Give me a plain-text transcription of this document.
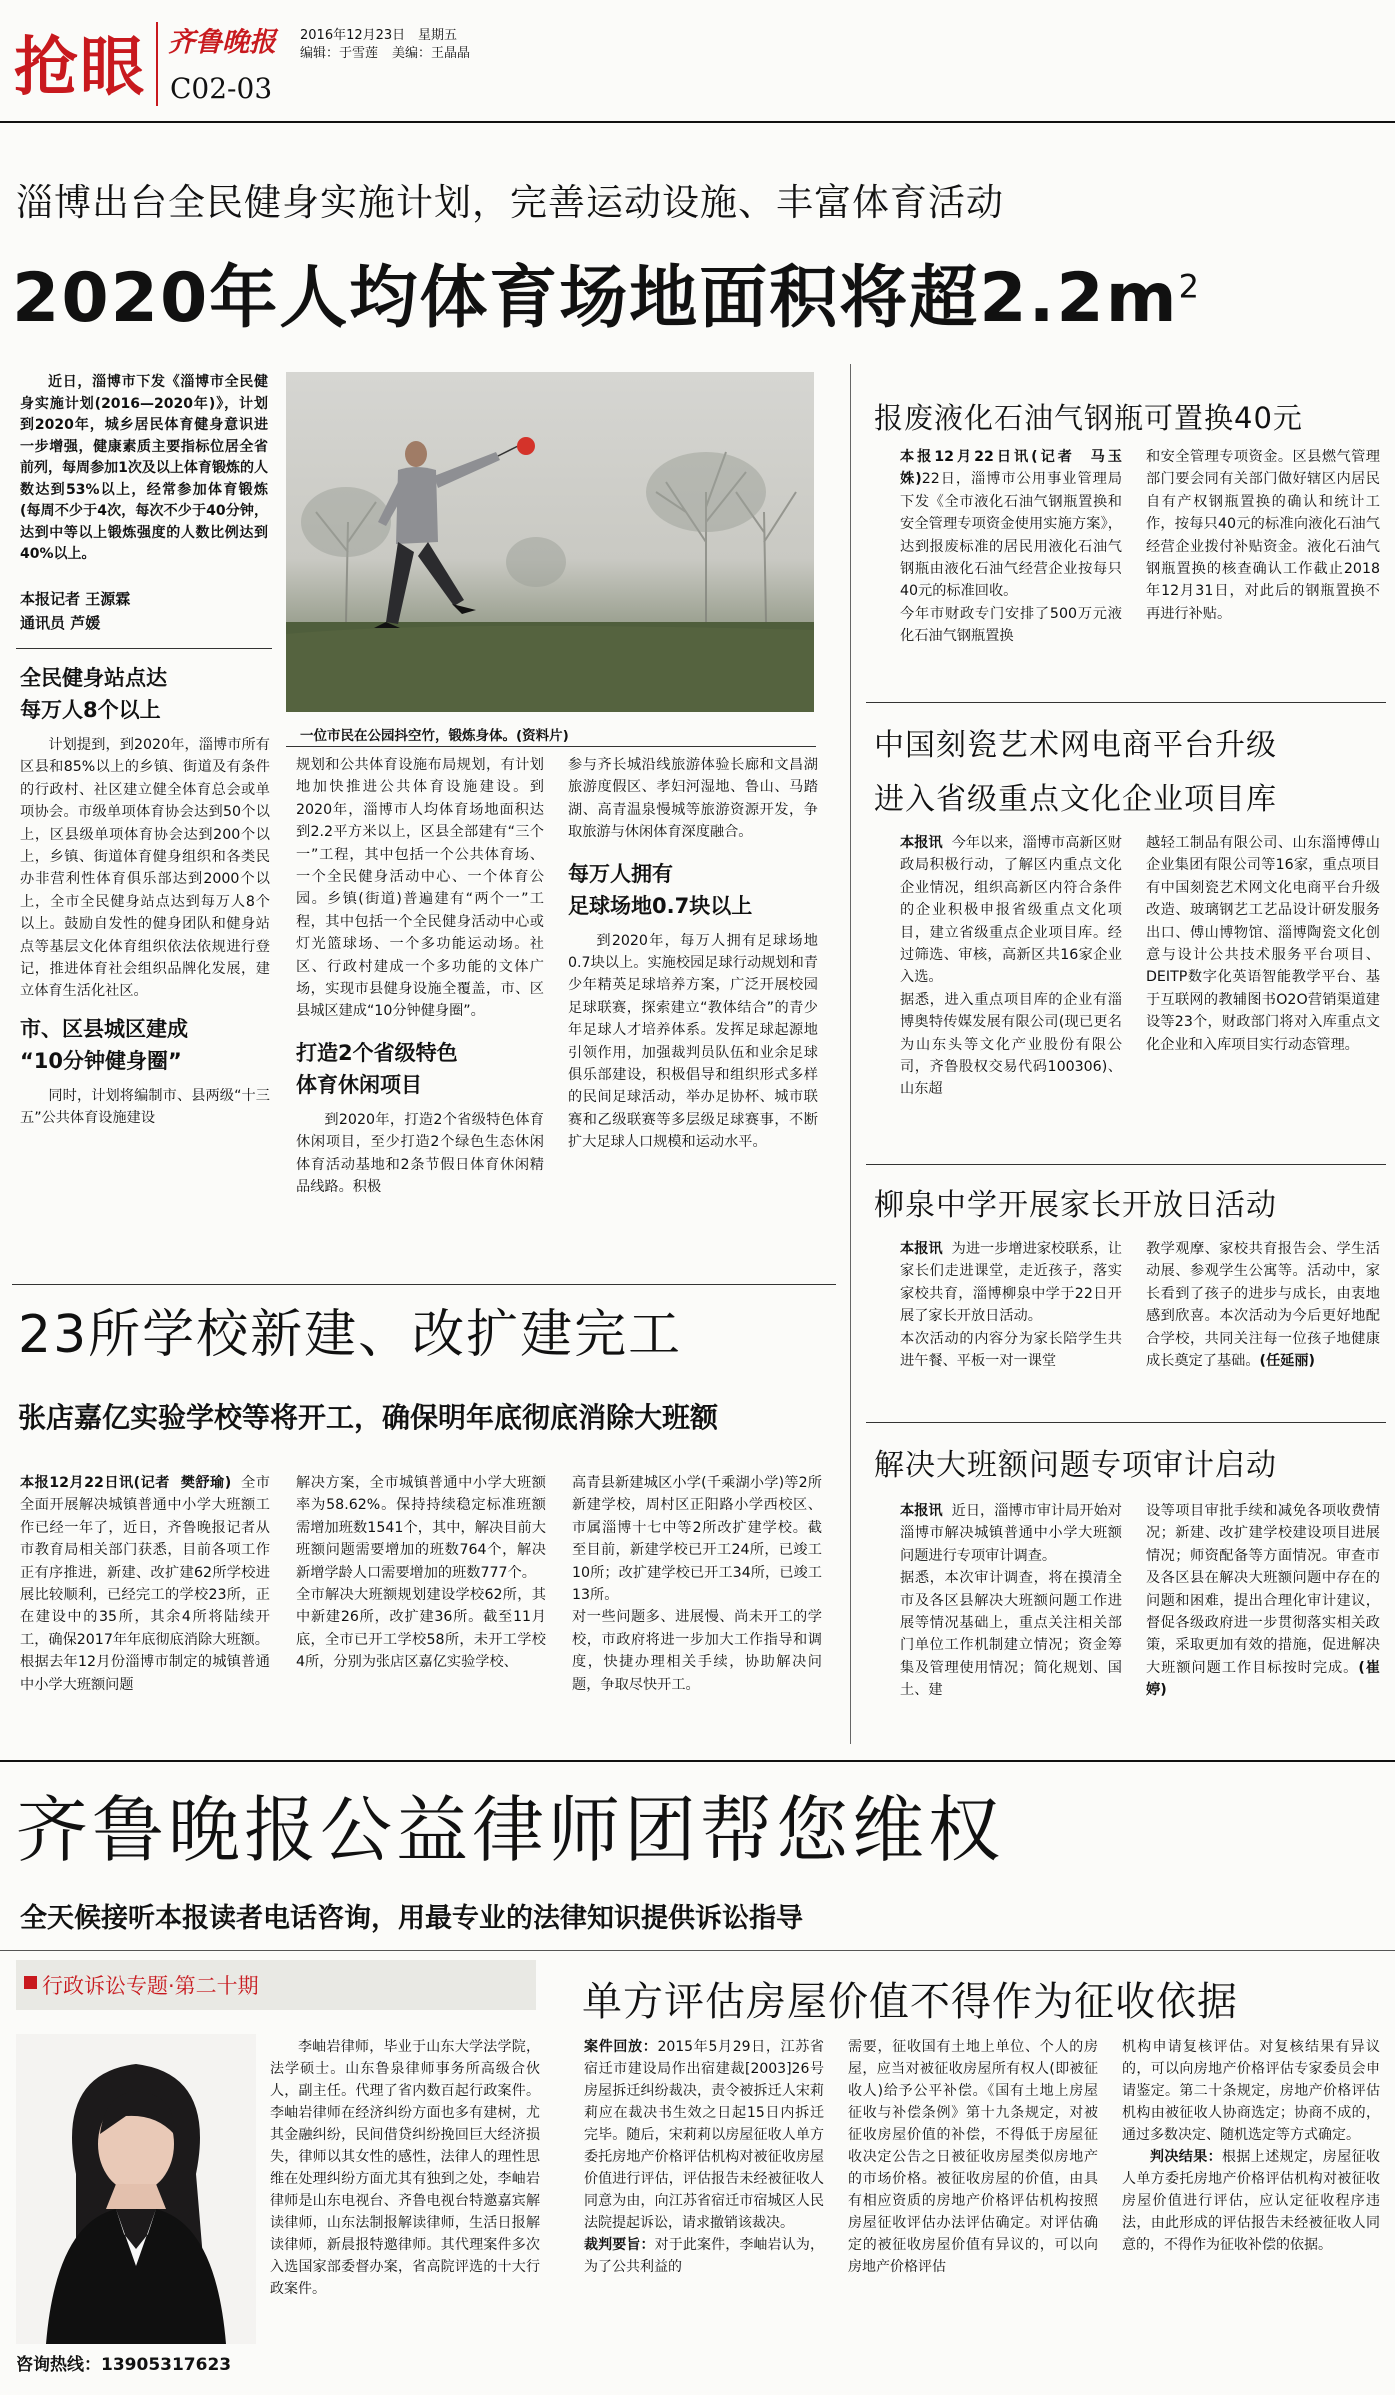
抢眼 齐鲁晚报 2016年12月23日 星期五
编辑：于雪莲 美编：王晶晶
C02-03
淄博出台全民健身实施计划，完善运动设施、丰富体育活动
2020年人均体育场地面积将超$2.2m^2$

近日，淄博市下发《淄博市全民健身实施计划(2016—2020年)》，计划到2020年，城乡居民体育健身意识进一步增强，健康素质主要指标位居全省前列，每周参加1次及以上体育锻炼的人数达到53%以上，经常参加体育锻炼(每周不少于4次，每次不少于40分钟，达到中等以上锻炼强度的人数比例达到40%以上。

本报记者 王源霖
通讯员 芦媛
一位市民在公园抖空竹，锻炼身体。(资料片)
全民健身站点达
每万人8个以上

计划提到，到2020年，淄博市所有区县和85%以上的乡镇、街道及有条件的行政村、社区建立健全体育总会或单项协会。市级单项体育协会达到50个以上，区县级单项体育协会达到200个以上，乡镇、街道体育健身组织和各类民办非营利性体育俱乐部达到2000个以上，全市全民健身站点达到每万人8个以上。鼓励自发性的健身团队和健身站点等基层文化体育组织依法依规进行登记，推进体育社会组织品牌化发展，建立体育生活化社区。

市、区县城区建成
“10分钟健身圈”

同时，计划将编制市、县两级“十三五”公共体育设施建设

规划和公共体育设施布局规划，有计划地加快推进公共体育设施建设。到2020年，淄博市人均体育场地面积达到2.2平方米以上，区县全部建有“三个一”工程，其中包括一个公共体育场、一个全民健身活动中心、一个体育公园。乡镇(街道)普遍建有“两个一”工程，其中包括一个全民健身活动中心或灯光篮球场、一个多功能运动场。社区、行政村建成一个多功能的文体广场，实现市县健身设施全覆盖，市、区县城区建成“10分钟健身圈”。

打造2个省级特色
体育休闲项目

到2020年，打造2个省级特色体育休闲项目，至少打造2个绿色生态休闲体育活动基地和2条节假日体育休闲精品线路。积极

参与齐长城沿线旅游体验长廊和文昌湖旅游度假区、孝妇河湿地、鲁山、马踏湖、高青温泉慢城等旅游资源开发，争取旅游与休闲体育深度融合。

每万人拥有
足球场地0.7块以上

到2020年，每万人拥有足球场地0.7块以上。实施校园足球行动规划和青少年精英足球培养方案，广泛开展校园足球联赛，探索建立“教体结合”的青少年足球人才培养体系。发挥足球起源地引领作用，加强裁判员队伍和业余足球俱乐部建设，积极倡导和组织形式多样的民间足球活动，举办足协杯、城市联赛和乙级联赛等多层级足球赛事，不断扩大足球人口规模和运动水平。

报废液化石油气钢瓶可置换40元

本报12月22日讯(记者  马玉姝)22日，淄博市公用事业管理局下发《全市液化石油气钢瓶置换和安全管理专项资金使用实施方案》，达到报废标准的居民用液化石油气钢瓶由液化石油气经营企业按每只40元的标准回收。
今年市财政专门安排了500万元液化石油气钢瓶置换

和安全管理专项资金。区县燃气管理部门要会同有关部门做好辖区内居民自有产权钢瓶置换的确认和统计工作，按每只40元的标准向液化石油气经营企业拨付补贴资金。液化石油气钢瓶置换的核查确认工作截止2018年12月31日，对此后的钢瓶置换不再进行补贴。

中国刻瓷艺术网电商平台升级
进入省级重点文化企业项目库

本报讯 今年以来，淄博市高新区财政局积极行动，了解区内重点文化企业情况，组织高新区内符合条件的企业积极申报省级重点文化项目，建立省级重点企业项目库。经过筛选、审核，高新区共16家企业入选。
据悉，进入重点项目库的企业有淄博奥特传媒发展有限公司(现已更名为山东头等文化产业股份有限公司，齐鲁股权交易代码100306)、山东超

越轻工制品有限公司、山东淄博傅山企业集团有限公司等16家，重点项目有中国刻瓷艺术网文化电商平台升级改造、玻璃钢艺工艺品设计研发服务出口、傅山博物馆、淄博陶瓷文化创意与设计公共技术服务平台项目、DEITP数字化英语智能教学平台、基于互联网的教辅图书O2O营销渠道建设等23个，财政部门将对入库重点文化企业和入库项目实行动态管理。

柳泉中学开展家长开放日活动

本报讯 为进一步增进家校联系，让家长们走进课堂，走近孩子，落实家校共育，淄博柳泉中学于22日开展了家长开放日活动。
本次活动的内容分为家长陪学生共进午餐、平板一对一课堂

教学观摩、家校共育报告会、学生活动展、参观学生公寓等。活动中，家长看到了孩子的进步与成长，由衷地感到欣喜。本次活动为今后更好地配合学校，共同关注每一位孩子地健康成长奠定了基础。(任延丽)

解决大班额问题专项审计启动

本报讯 近日，淄博市审计局开始对淄博市解决城镇普通中小学大班额问题进行专项审计调查。
据悉，本次审计调查，将在摸清全市及各区县解决大班额问题工作进展等情况基础上，重点关注相关部门单位工作机制建立情况；资金筹集及管理使用情况；简化规划、国土、建

设等项目审批手续和减免各项收费情况；新建、改扩建学校建设项目进展情况；师资配备等方面情况。审查市及各区县在解决大班额问题中存在的问题和困难，提出合理化审计建议，督促各级政府进一步贯彻落实相关政策，采取更加有效的措施，促进解决大班额问题工作目标按时完成。(崔婷)

23所学校新建、改扩建完工
张店嘉亿实验学校等将开工，确保明年底彻底消除大班额

本报12月22日讯(记者  樊舒瑜) 全市全面开展解决城镇普通中小学大班额工作已经一年了，近日，齐鲁晚报记者从市教育局相关部门获悉，目前各项工作正有序推进，新建、改扩建62所学校进展比较顺利，已经完工的学校23所，正在建设中的35所，其余4所将陆续开工，确保2017年年底彻底消除大班额。
根据去年12月份淄博市制定的城镇普通中小学大班额问题

解决方案，全市城镇普通中小学大班额率为58.62%。保持持续稳定标准班额需增加班数1541个，其中，解决目前大班额问题需要增加的班数764个，解决新增学龄人口需要增加的班数777个。
全市解决大班额规划建设学校62所，其中新建26所，改扩建36所。截至11月底，全市已开工学校58所，未开工学校4所，分别为张店区嘉亿实验学校、

高青县新建城区小学(千乘湖小学)等2所新建学校，周村区正阳路小学西校区、市属淄博十七中等2所改扩建学校。截至目前，新建学校已开工24所，已竣工10所；改扩建学校已开工34所，已竣工13所。
对一些问题多、进展慢、尚未开工的学校，市政府将进一步加大工作指导和调度，快捷办理相关手续，协助解决问题，争取尽快开工。

齐鲁晚报公益律师团帮您维权
全天候接听本报读者电话咨询，用最专业的法律知识提供诉讼指导
行政诉讼专题·第二十期	单方评估房屋价值不得作为征收依据
咨询热线：13905317623

李岫岩律师，毕业于山东大学法学院，法学硕士。山东鲁泉律师事务所高级合伙人，副主任。代理了省内数百起行政案件。李岫岩律师在经济纠纷方面也多有建树，尤其金融纠纷，民间借贷纠纷挽回巨大经济损失，律师以其女性的感性，法律人的理性思维在处理纠纷方面尤其有独到之处，李岫岩律师是山东电视台、齐鲁电视台特邀嘉宾解读律师，山东法制报解读律师，生活日报解读律师，新晨报特邀律师。其代理案件多次入选国家部委督办案，省高院评选的十大行政案件。

案件回放：2015年5月29日，江苏省宿迁市建设局作出宿建裁[2003]26号房屋拆迁纠纷裁决，责令被拆迁人宋莉莉应在裁决书生效之日起15日内拆迁完毕。随后，宋莉莉以房屋征收人单方委托房地产价格评估机构对被征收房屋价值进行评估，评估报告未经被征收人同意为由，向江苏省宿迁市宿城区人民法院提起诉讼，请求撤销该裁决。

裁判要旨：对于此案件，李岫岩认为，为了公共利益的

需要，征收国有土地上单位、个人的房屋，应当对被征收房屋所有权人(即被征收人)给予公平补偿。《国有土地上房屋征收与补偿条例》第十九条规定，对被征收房屋价值的补偿，不得低于房屋征收决定公告之日被征收房屋类似房地产的市场价格。被征收房屋的价值，由具有相应资质的房地产价格评估机构按照房屋征收评估办法评估确定。对评估确定的被征收房屋价值有异议的，可以向房地产价格评估

机构申请复核评估。对复核结果有异议的，可以向房地产价格评估专家委员会申请鉴定。第二十条规定，房地产价格评估机构由被征收人协商选定；协商不成的，通过多数决定、随机选定等方式确定。

判决结果：根据上述规定，房屋征收人单方委托房地产价格评估机构对被征收房屋价值进行评估，应认定征收程序违法，由此形成的评估报告未经被征收人同意的，不得作为征收补偿的依据。
